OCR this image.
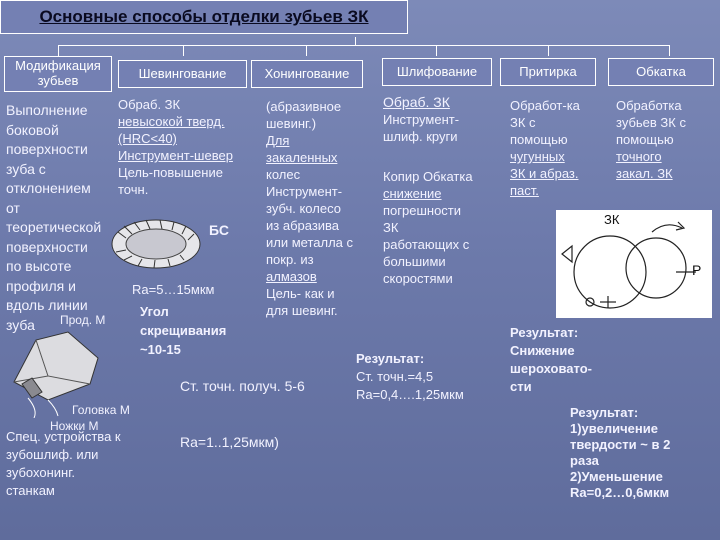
Основные способы отделки зубьев ЗК
Модификация зубьев	Шевингование	Хонингование	Шлифование	Притирка	Обкатка
Выполнение
боковой
поверхности
зуба с
отклонением
от
теоретической
поверхности
по высоте
профиля и
вдоль линии
зуба	Прод. М
Головка М
Ножки М
Спец. устройства к
зубошлиф. или
зубохонинг.
станкам
Обраб. ЗК
невысокой тверд.
(HRC<40)
Инструмент-шевер
Цель-повышение
точн.
БС
Ra=5…15мкм
Угол
скрещивания
~10-15
(абразивное
шевинг.)
Для
закаленных
колес
Инструмент-
зубч. колесо
из абразива
или металла с
покр. из
алмазов
Цель- как и
для шевинг.
Ст. точн. получ. 5-6
Ra=1..1,25мкм)
Обраб. ЗК
Инструмент-
шлиф. круги
Копир Обкатка
снижение
погрешности
ЗК
работающих с
большими
скоростями
Результат:
Ст. точн.=4,5
Ra=0,4….1,25мкм
Обработ-ка
ЗК с
помощью
чугунных
ЗК и абраз.
паст.
Результат:
Снижение
шероховато-
сти
Обработка
зубьев ЗК с
помощью
точного
закал. ЗК
ЗК
P
Результат:
1)увеличение
твердости ~ в 2
раза
2)Уменьшение
Ra=0,2…0,6мкм
